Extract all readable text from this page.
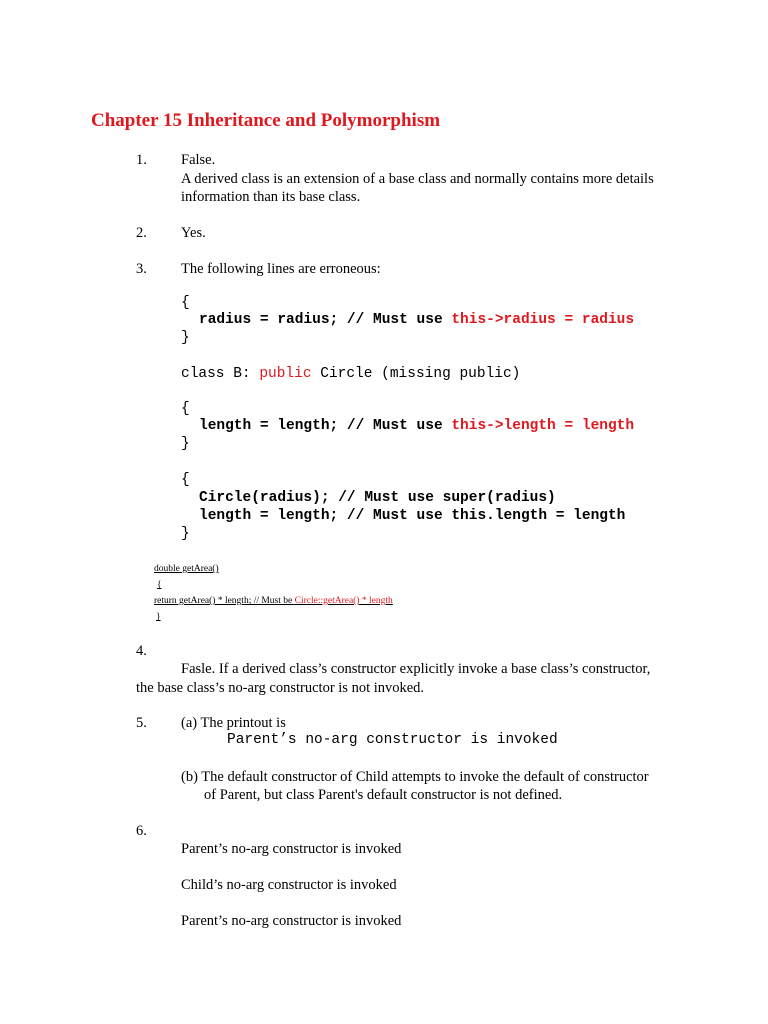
Chapter 15 Inheritance and Polymorphism
1. False.
A derived class is an extension of a base class and normally contains more details
information than its base class.
2. Yes.
3. The following lines are erroneous:
{
radius = radius; // Must use this->radius = radius
}
class B: public Circle (missing public)
{
length = length; // Must use this->length = length
}
{
Circle(radius); // Must use super(radius)
length = length; // Must use this.length = length
}
double getArea()
{
return getArea() * length; // Must be Circle::getArea() * length
}
4.
Fasle. If a derived class’s constructor explicitly invoke a base class’s constructor,
the base class’s no-arg constructor is not invoked.
5. (a) The printout is
Parent’s no-arg constructor is invoked
(b) The default constructor of Child attempts to invoke the default of constructor
of Parent, but class Parent's default constructor is not defined.
6.
Parent’s no-arg constructor is invoked
Child’s no-arg constructor is invoked
Parent’s no-arg constructor is invoked
